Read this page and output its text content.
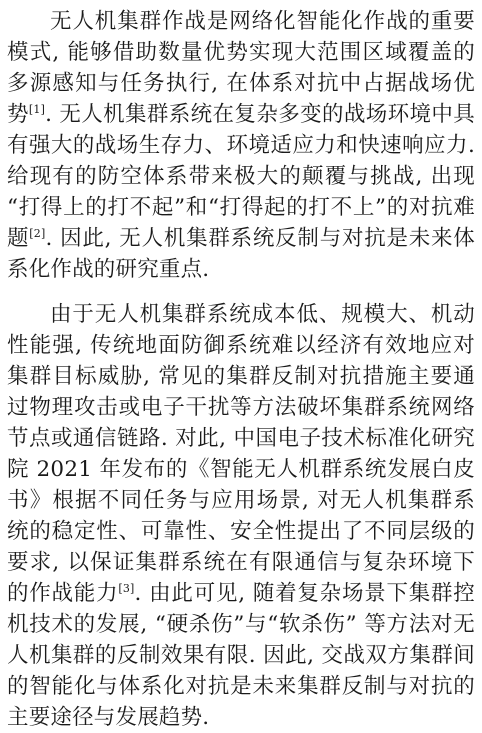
无人机集群作战是网络化智能化作战的重要模式, 能够借助数量优势实现大范围区域覆盖的多源感知与任务执行, 在体系对抗中占据战场优势[1]. 无人机集群系统在复杂多变的战场环境中具有强大的战场生存力、环境适应力和快速响应力. 给现有的防空体系带来极大的颠覆与挑战, 出现 “打得上的打不起”和“打得起的打不上”的对抗难题[2]. 因此, 无人机集群系统反制与对抗是未来体系化作战的研究重点.

由于无人机集群系统成本低、规模大、机动性能强, 传统地面防御系统难以经济有效地应对集群目标威胁, 常见的集群反制对抗措施主要通过物理攻击或电子干扰等方法破坏集群系统网络节点或通信链路. 对此, 中国电子技术标准化研究院 2021 年发布的《智能无人机群系统发展白皮书》根据不同任务与应用场景, 对无人机集群系统的稳定性、可靠性、安全性提出了不同层级的要求, 以保证集群系统在有限通信与复杂环境下的作战能力[3]. 由此可见, 随着复杂场景下集群控机技术的发展, “硬杀伤”与“软杀伤” 等方法对无人机集群的反制效果有限. 因此, 交战双方集群间的智能化与体系化对抗是未来集群反制与对抗的主要途径与发展趋势.
